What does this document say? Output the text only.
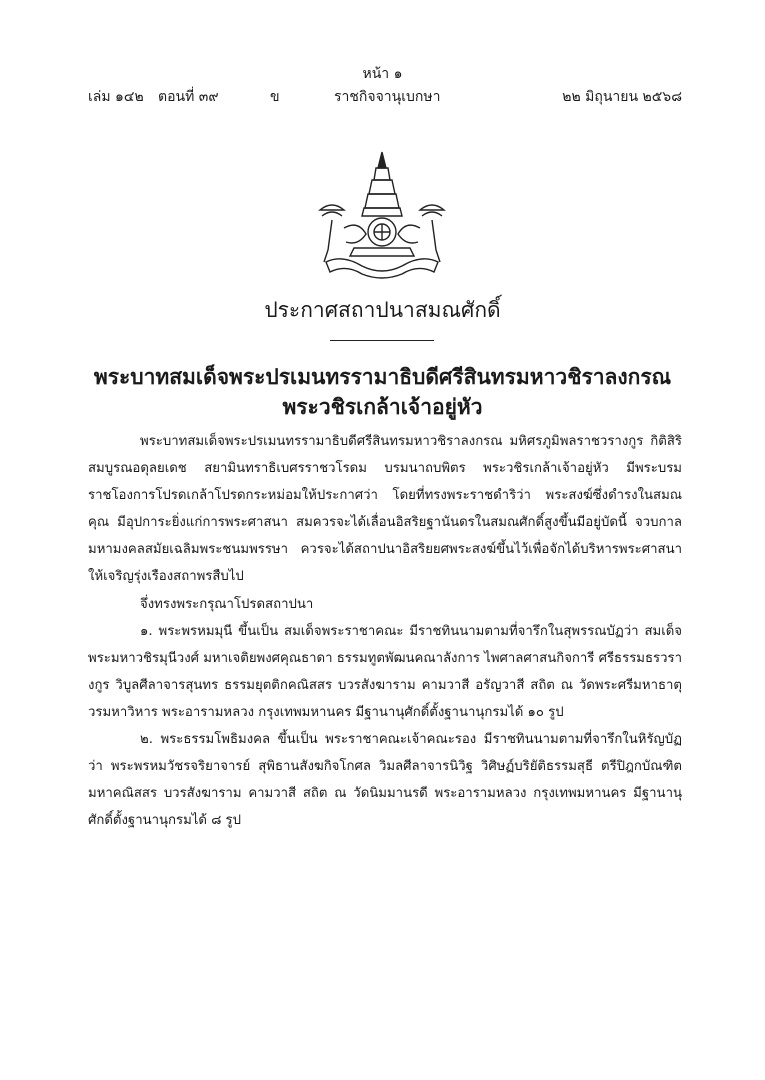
หน้า ๑
เล่ม ๑๔๒ ตอนที่ ๓๙	ข	ราชกิจจานุเบกษา	๒๒ มิถุนายน ๒๕๖๘
ประกาศสถาปนาสมณศักดิ์
พระบาทสมเด็จพระปรเมนทรรามาธิบดีศรีสินทรมหาวชิราลงกรณ
พระวชิรเกล้าเจ้าอยู่หัว

พระบาทสมเด็จพระปรเมนทรรามาธิบดีศรีสินทรมหาวชิราลงกรณ มหิศรภูมิพลราชวรางกูร กิติสิริสมบูรณอดุลยเดช สยามินทราธิเบศรราชวโรดม บรมนาถบพิตร พระวชิรเกล้าเจ้าอยู่หัว มีพระบรมราชโองการโปรดเกล้าโปรดกระหม่อมให้ประกาศว่า โดยที่ทรงพระราชดำริว่า พระสงฆ์ซึ่งดำรงในสมณคุณ มีอุปการะยิ่งแก่การพระศาสนา สมควรจะได้เลื่อนอิสริยฐานันดรในสมณศักดิ์สูงขึ้นมีอยู่บัดนี้ จวบกาลมหามงคลสมัยเฉลิมพระชนมพรรษา ควรจะได้สถาปนาอิสริยยศพระสงฆ์ขึ้นไว้เพื่อจักได้บริหารพระศาสนาให้เจริญรุ่งเรืองสถาพรสืบไป

จึ่งทรงพระกรุณาโปรดสถาปนา

๑. พระพรหมมุนี ขึ้นเป็น สมเด็จพระราชาคณะ มีราชทินนามตามที่จารึกในสุพรรณบัฏว่า สมเด็จพระมหาวชิรมุนีวงศ์ มหาเจติยพงศคุณธาดา ธรรมทูตพัฒนคณาลังการ ไพศาลศาสนกิจการี ศรีธรรมธรวรางกูร วิบูลศีลาจารสุนทร ธรรมยุตติกคณิสสร บวรสังฆาราม คามวาสี อรัญวาสี สถิต ณ วัดพระศรีมหาธาตุ วรมหาวิหาร พระอารามหลวง กรุงเทพมหานคร มีฐานานุศักดิ์ตั้งฐานานุกรมได้ ๑๐ รูป

๒. พระธรรมโพธิมงคล ขึ้นเป็น พระราชาคณะเจ้าคณะรอง มีราชทินนามตามที่จารึกในหิรัญบัฏว่า พระพรหมวัชรจริยาจารย์ สุพิธานสังฆกิจโกศล วิมลศีลาจารนิวิฐ วิศิษฏ์บริยัติธรรมสุธี ตรีปิฎกบัณฑิต มหาคณิสสร บวรสังฆาราม คามวาสี สถิต ณ วัดนิมมานรดี พระอารามหลวง กรุงเทพมหานคร มีฐานานุศักดิ์ตั้งฐานานุกรมได้ ๘ รูป
